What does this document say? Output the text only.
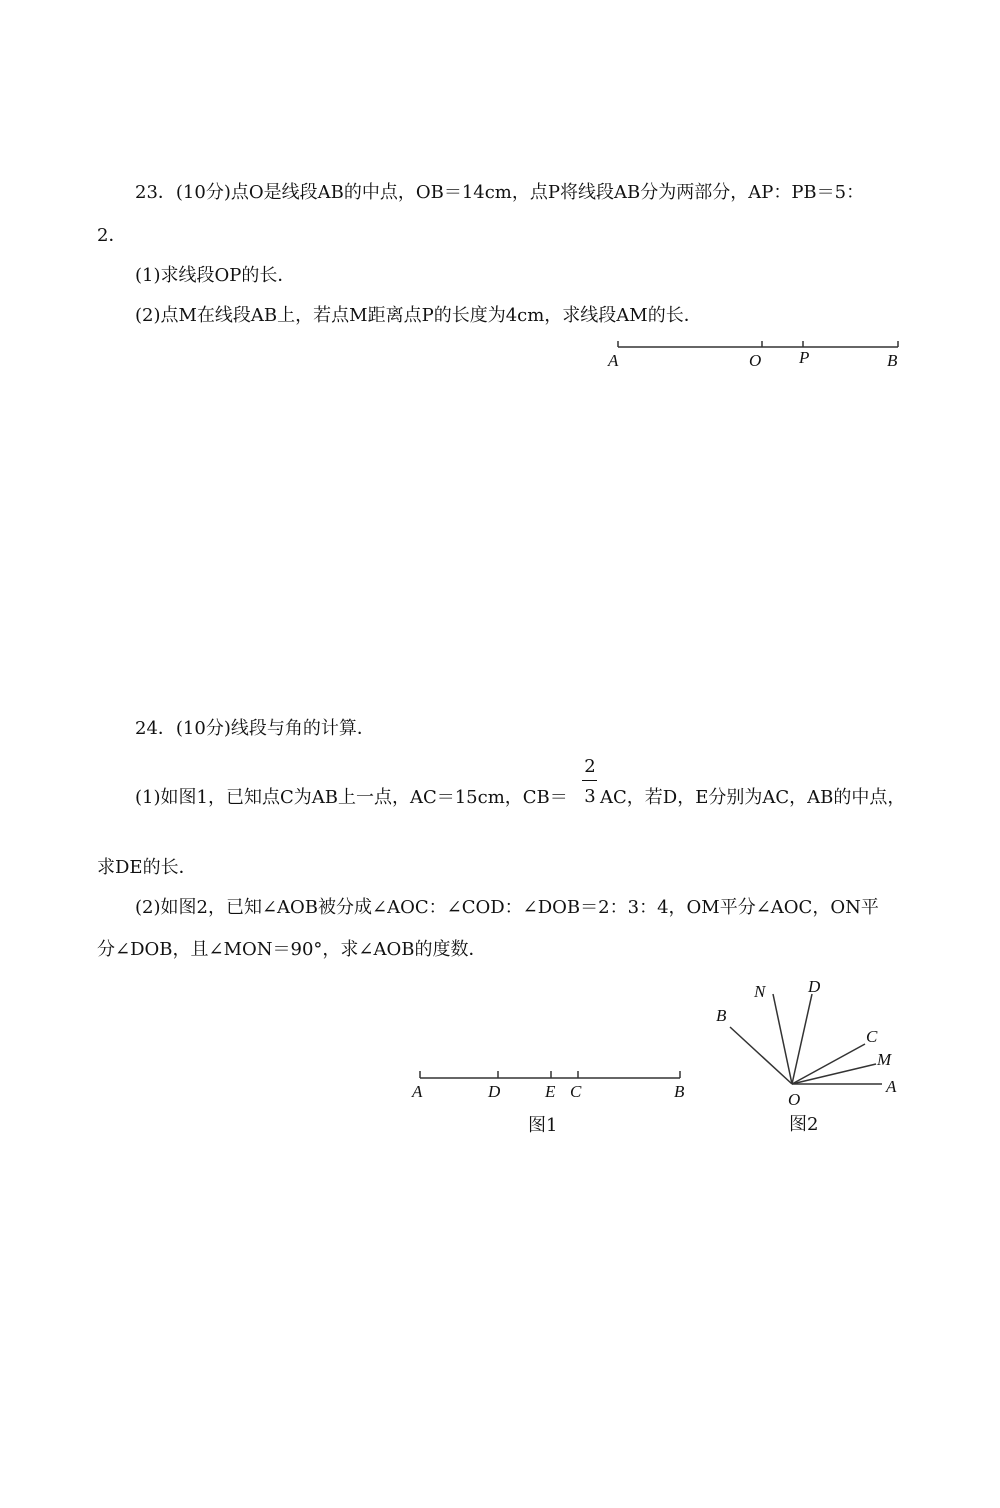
23．(10分)点O是线段AB的中点，OB＝14cm，点P将线段AB分为两部分，AP：PB＝5：
2．
(1)求线段OP的长．
(2)点M在线段AB上，若点M距离点P的长度为4cm，求线段AM的长．
A	O P	B
24．(10分)线段与角的计算．
(1)如图1，已知点C为AB上一点，AC＝15cm，CB＝
2
3 AC，若D，E分别为AC，AB的中点，
求DE的长．
(2)如图2，已知∠AOB被分成∠AOC：∠COD：∠DOB＝2：3：4，OM平分∠AOC，ON平
分∠DOB，且∠MON＝90°，求∠AOB的度数．
A	D	E C	B
图1
N	D
B
C
M
O
A
图2
